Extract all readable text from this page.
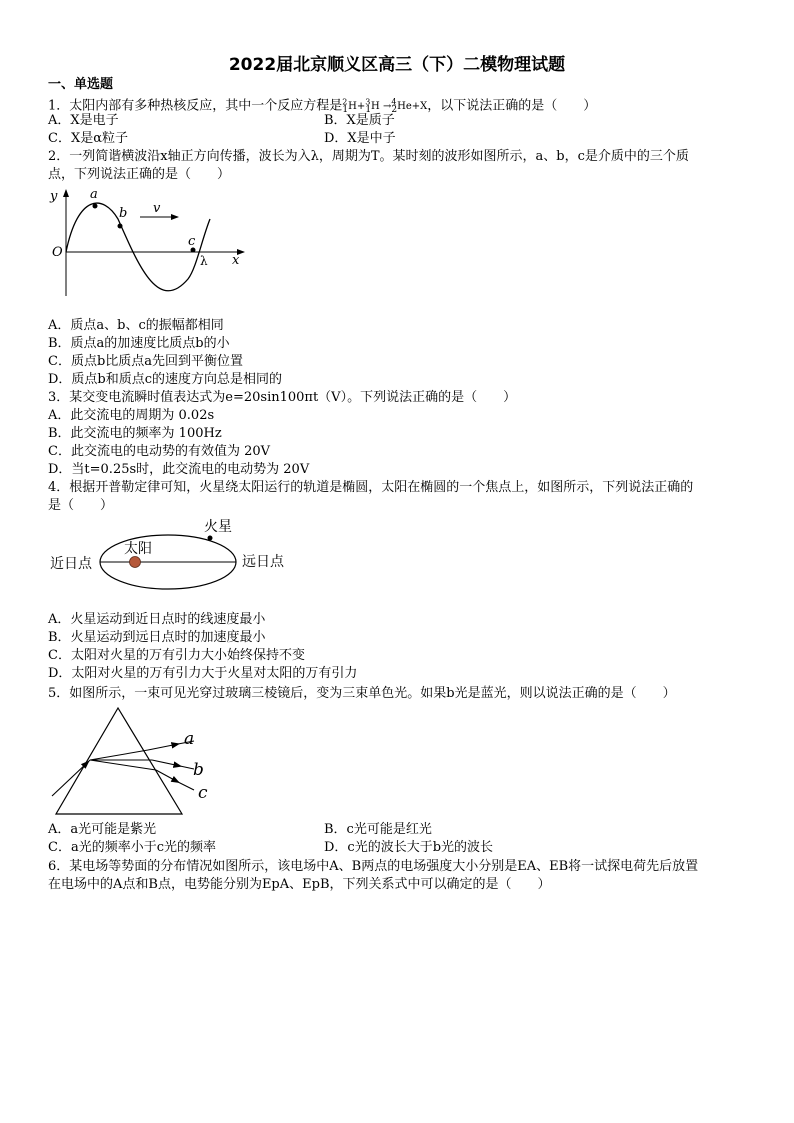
2022届北京顺义区高三（下）二模物理试题
一、单选题
1．太阳内部有多种热核反应，其中一个反应方程是$^2_1$H+$^3_1$H →$^4_2$He+X，以下说法正确的是（　　）
A．X是电子	B．X是质子
C．X是α粒子	D．X是中子
2．一列简谐横波沿x轴正方向传播，波长为入λ，周期为T。某时刻的波形如图所示，a、b，c是介质中的三个质
点，下列说法正确的是（　　）
y
O
a
b v
c
λ x
A．质点a、b、c的振幅都相同
B．质点a的加速度比质点b的小
C．质点b比质点a先回到平衡位置
D．质点b和质点c的速度方向总是相同的
3．某交变电流瞬时值表达式为e=20sin100πt（V）。下列说法正确的是（　　）
A．此交流电的周期为 0.02s
B．此交流电的频率为 100Hz
C．此交流电的电动势的有效值为 20V
D．当t=0.25s时，此交流电的电动势为 20V
4．根据开普勒定律可知，火星绕太阳运行的轨道是椭圆，太阳在椭圆的一个焦点上，如图所示，下列说法正确的
是（　　）
火星
太阳
近日点	远日点
A．火星运动到近日点时的线速度最小
B．火星运动到远日点时的加速度最小
C．太阳对火星的万有引力大小始终保持不变
D．太阳对火星的万有引力大于火星对太阳的万有引力
5．如图所示，一束可见光穿过玻璃三棱镜后，变为三束单色光。如果b光是蓝光，则以说法正确的是（　　）
a
b
c
A．a光可能是紫光	B．c光可能是红光
C．a光的频率小于c光的频率	D．c光的波长大于b光的波长
6．某电场等势面的分布情况如图所示，该电场中A、B两点的电场强度大小分别是EA、EB将一试探电荷先后放置
在电场中的A点和B点，电势能分别为EpA、EpB，下列关系式中可以确定的是（　　）
